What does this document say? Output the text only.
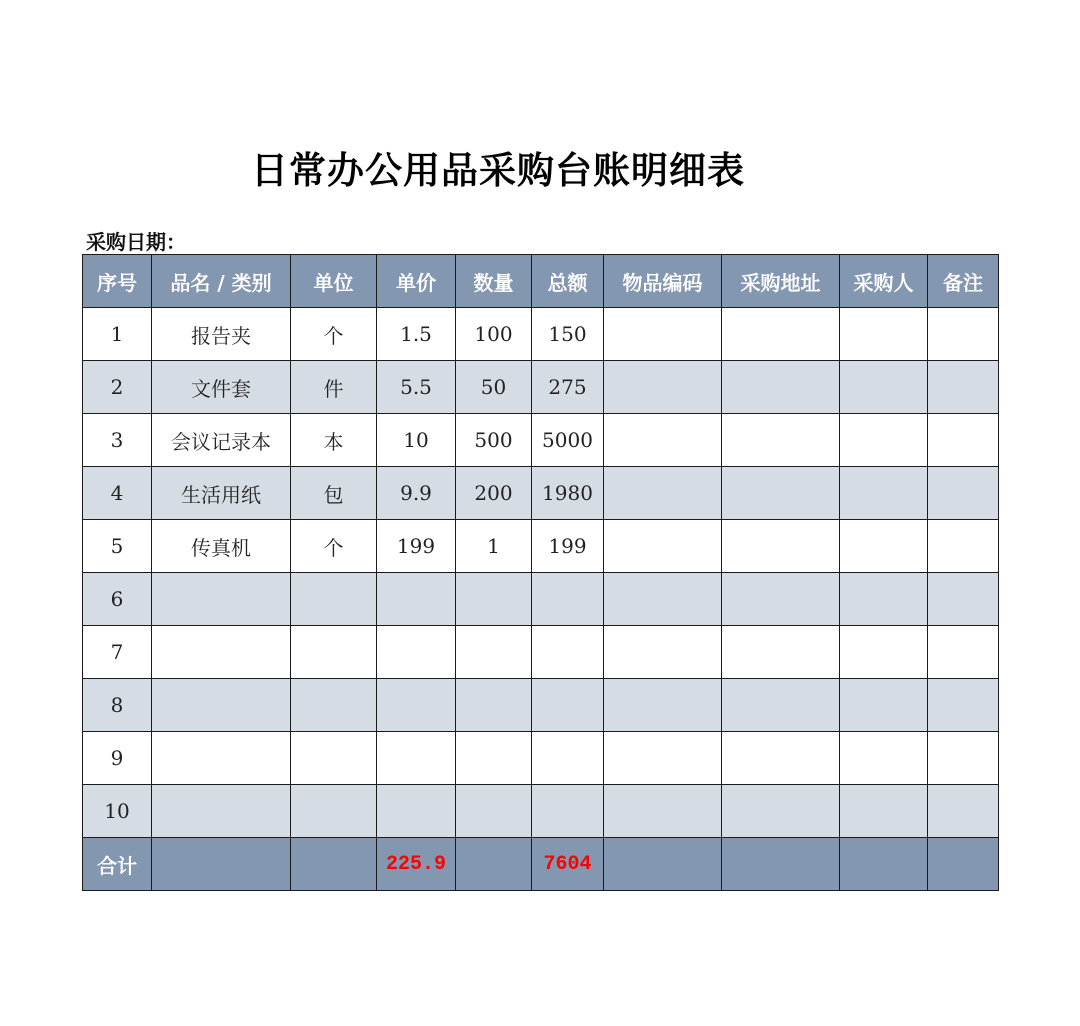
日常办公用品采购台账明细表
采购日期：
序号	品名 / 类别	单位	单价	数量	总额	物品编码	采购地址	采购人	备注
1	报告夹	个	1.5	100	150				
2	文件套	件	5.5	50	275				
3	会议记录本	本	10	500	5000				
4	生活用纸	包	9.9	200	1980				
5	传真机	个	199	1	199				
6									
7									
8									
9									
10									
合计			225.9		7604				
